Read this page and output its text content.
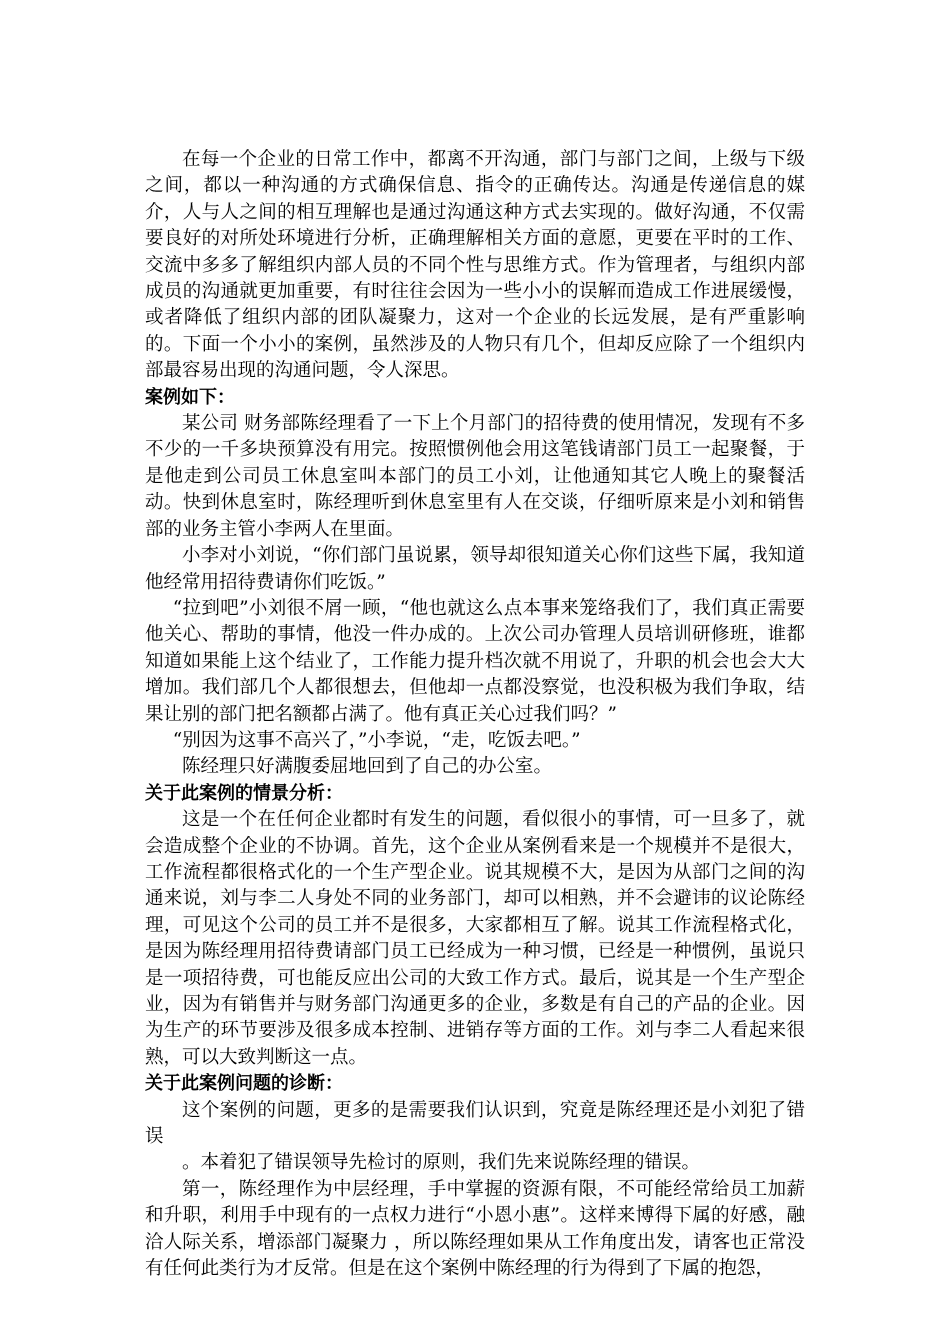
在每一个企业的日常工作中，都离不开沟通，部门与部门之间，上级与下级之间，都以一种沟通的方式确保信息、指令的正确传达。沟通是传递信息的媒介，人与人之间的相互理解也是通过沟通这种方式去实现的。做好沟通，不仅需要良好的对所处环境进行分析，正确理解相关方面的意愿，更要在平时的工作、交流中多多了解组织内部人员的不同个性与思维方式。作为管理者，与组织内部成员的沟通就更加重要，有时往往会因为一些小小的误解而造成工作进展缓慢，或者降低了组织内部的团队凝聚力，这对一个企业的长远发展，是有严重影响的。下面一个小小的案例，虽然涉及的人物只有几个，但却反应除了一个组织内部最容易出现的沟通问题，令人深思。

案例如下：

某公司 财务部陈经理看了一下上个月部门的招待费的使用情况，发现有不多不少的一千多块预算没有用完。按照惯例他会用这笔钱请部门员工一起聚餐，于是他走到公司员工休息室叫本部门的员工小刘，让他通知其它人晚上的聚餐活动。快到休息室时，陈经理听到休息室里有人在交谈，仔细听原来是小刘和销售部的业务主管小李两人在里面。

小李对小刘说，“你们部门虽说累，领导却很知道关心你们这些下属，我知道他经常用招待费请你们吃饭。”

“拉到吧”小刘很不屑一顾，“他也就这么点本事来笼络我们了，我们真正需要他关心、帮助的事情，他没一件办成的。上次公司办管理人员培训研修班，谁都知道如果能上这个结业了，工作能力提升档次就不用说了，升职的机会也会大大增加。我们部几个人都很想去，但他却一点都没察觉，也没积极为我们争取，结果让别的部门把名额都占满了。他有真正关心过我们吗？”

“别因为这事不高兴了，”小李说，“走，吃饭去吧。”

陈经理只好满腹委屈地回到了自己的办公室。

关于此案例的情景分析：

这是一个在任何企业都时有发生的问题，看似很小的事情，可一旦多了，就会造成整个企业的不协调。首先，这个企业从案例看来是一个规模并不是很大，工作流程都很格式化的一个生产型企业。说其规模不大，是因为从部门之间的沟通来说，刘与李二人身处不同的业务部门，却可以相熟，并不会避讳的议论陈经理，可见这个公司的员工并不是很多，大家都相互了解。说其工作流程格式化，是因为陈经理用招待费请部门员工已经成为一种习惯，已经是一种惯例，虽说只是一项招待费，可也能反应出公司的大致工作方式。最后，说其是一个生产型企业，因为有销售并与财务部门沟通更多的企业，多数是有自己的产品的企业。因为生产的环节要涉及很多成本控制、进销存等方面的工作。刘与李二人看起来很熟，可以大致判断这一点。

关于此案例问题的诊断：

这个案例的问题，更多的是需要我们认识到，究竟是陈经理还是小刘犯了错误

。本着犯了错误领导先检讨的原则，我们先来说陈经理的错误。

第一，陈经理作为中层经理，手中掌握的资源有限，不可能经常给员工加薪和升职，利用手中现有的一点权力进行“小恩小惠”。这样来博得下属的好感，融洽人际关系，增添部门凝聚力 ，所以陈经理如果从工作角度出发，请客也正常没有任何此类行为才反常。但是在这个案例中陈经理的行为得到了下属的抱怨，
